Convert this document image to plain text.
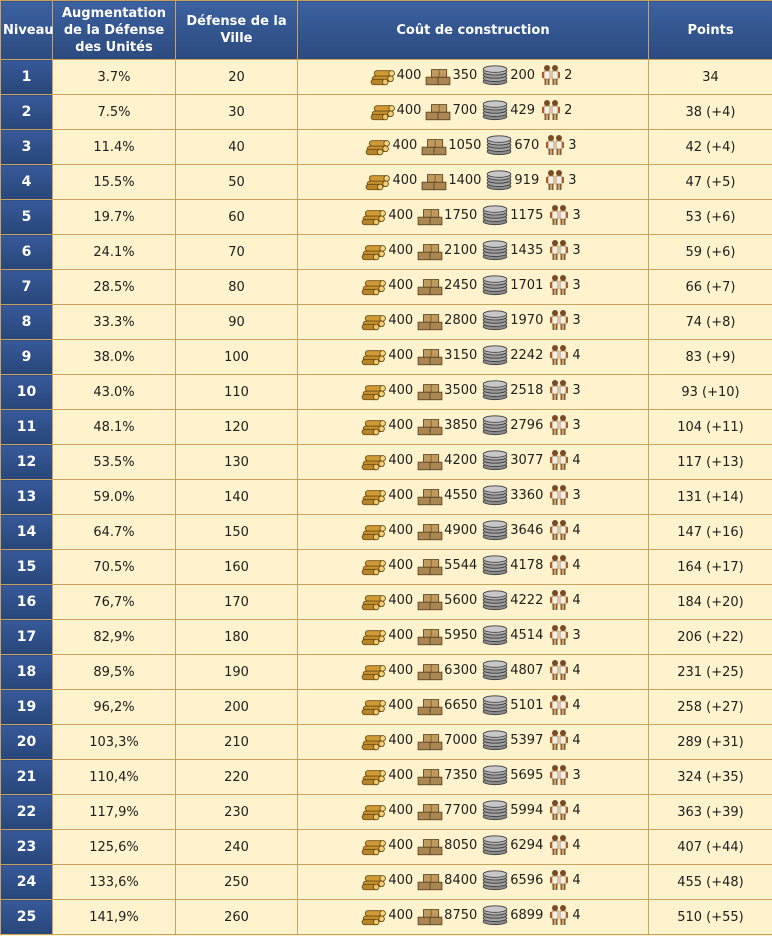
Niveau	Augmentation de la Défense des Unités	Défense de la Ville	Coût de construction	Points
1	3.7%	20	400 350 200 2	34
2	7.5%	30	400 700 429 2	38 (+4)
3	11.4%	40	400 1050 670 3	42 (+4)
4	15.5%	50	400 1400 919 3	47 (+5)
5	19.7%	60	400 1750 1175 3	53 (+6)
6	24.1%	70	400 2100 1435 3	59 (+6)
7	28.5%	80	400 2450 1701 3	66 (+7)
8	33.3%	90	400 2800 1970 3	74 (+8)
9	38.0%	100	400 3150 2242 4	83 (+9)
10	43.0%	110	400 3500 2518 3	93 (+10)
11	48.1%	120	400 3850 2796 3	104 (+11)
12	53.5%	130	400 4200 3077 4	117 (+13)
13	59.0%	140	400 4550 3360 3	131 (+14)
14	64.7%	150	400 4900 3646 4	147 (+16)
15	70.5%	160	400 5544 4178 4	164 (+17)
16	76,7%	170	400 5600 4222 4	184 (+20)
17	82,9%	180	400 5950 4514 3	206 (+22)
18	89,5%	190	400 6300 4807 4	231 (+25)
19	96,2%	200	400 6650 5101 4	258 (+27)
20	103,3%	210	400 7000 5397 4	289 (+31)
21	110,4%	220	400 7350 5695 3	324 (+35)
22	117,9%	230	400 7700 5994 4	363 (+39)
23	125,6%	240	400 8050 6294 4	407 (+44)
24	133,6%	250	400 8400 6596 4	455 (+48)
25	141,9%	260	400 8750 6899 4	510 (+55)
